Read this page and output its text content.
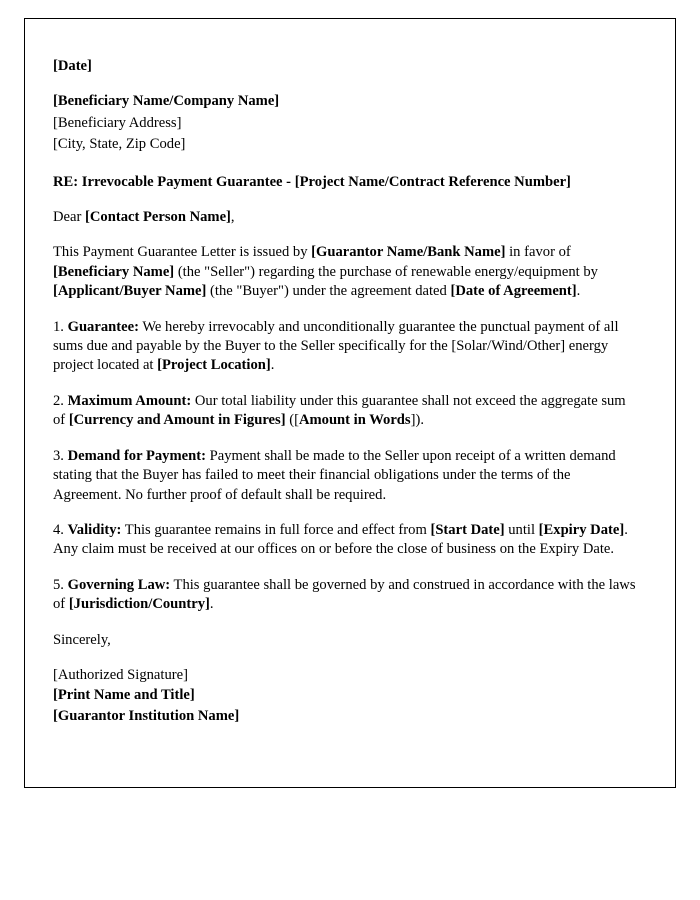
[Date]

[Beneficiary Name/Company Name]

[Beneficiary Address]

[City, State, Zip Code]

RE: Irrevocable Payment Guarantee - [Project Name/Contract Reference Number]

Dear [Contact Person Name],

This Payment Guarantee Letter is issued by [Guarantor Name/Bank Name] in favor of [Beneficiary Name] (the "Seller") regarding the purchase of renewable energy/equipment by [Applicant/Buyer Name] (the "Buyer") under the agreement dated [Date of Agreement].

1. Guarantee: We hereby irrevocably and unconditionally guarantee the punctual payment of all sums due and payable by the Buyer to the Seller specifically for the [Solar/Wind/Other] energy project located at [Project Location].

2. Maximum Amount: Our total liability under this guarantee shall not exceed the aggregate sum of [Currency and Amount in Figures] ([Amount in Words]).

3. Demand for Payment: Payment shall be made to the Seller upon receipt of a written demand stating that the Buyer has failed to meet their financial obligations under the terms of the Agreement. No further proof of default shall be required.

4. Validity: This guarantee remains in full force and effect from [Start Date] until [Expiry Date]. Any claim must be received at our offices on or before the close of business on the Expiry Date.

5. Governing Law: This guarantee shall be governed by and construed in accordance with the laws of [Jurisdiction/Country].

Sincerely,

[Authorized Signature]
[Print Name and Title]
[Guarantor Institution Name]
